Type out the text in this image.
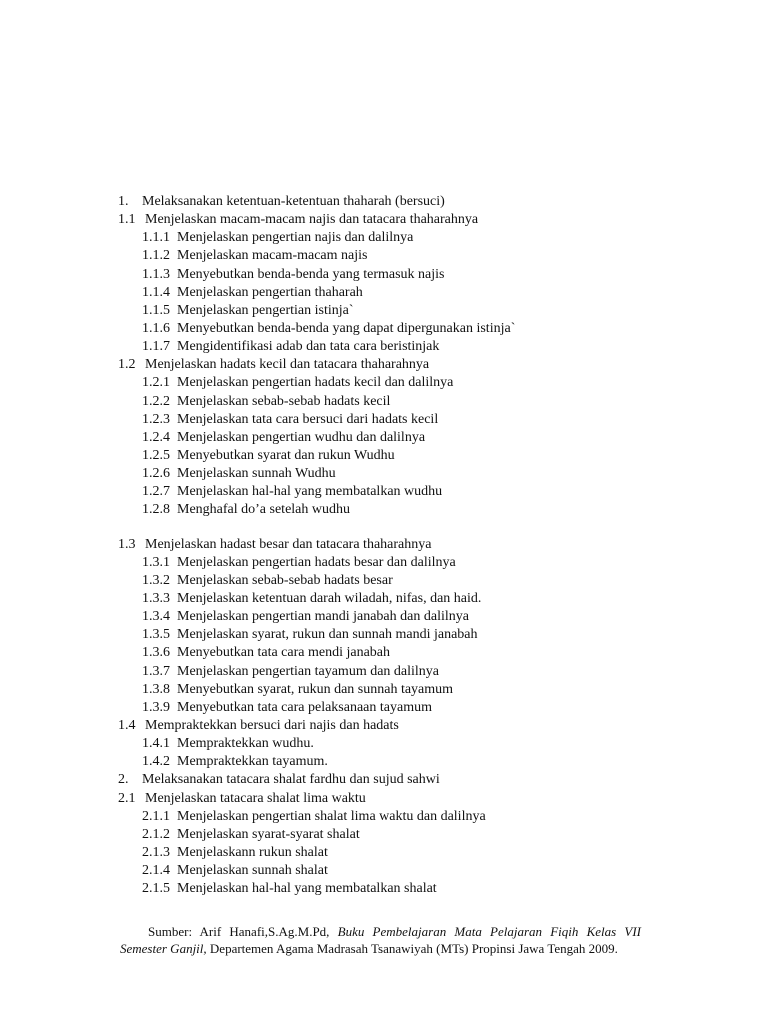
1. Melaksanakan ketentuan-ketentuan thaharah (bersuci)
1.1 Menjelaskan macam-macam najis dan tatacara thaharahnya
1.1.1 Menjelaskan pengertian najis dan dalilnya
1.1.2 Menjelaskan macam-macam najis
1.1.3 Menyebutkan benda-benda yang termasuk najis
1.1.4 Menjelaskan pengertian thaharah
1.1.5 Menjelaskan pengertian istinja`
1.1.6 Menyebutkan benda-benda yang dapat dipergunakan istinja`
1.1.7 Mengidentifikasi adab dan tata cara beristinjak
1.2 Menjelaskan hadats kecil dan tatacara thaharahnya
1.2.1 Menjelaskan pengertian hadats kecil dan dalilnya
1.2.2 Menjelaskan sebab-sebab hadats kecil
1.2.3 Menjelaskan tata cara bersuci dari hadats kecil
1.2.4 Menjelaskan pengertian wudhu dan dalilnya
1.2.5 Menyebutkan syarat dan rukun Wudhu
1.2.6 Menjelaskan sunnah Wudhu
1.2.7 Menjelaskan hal-hal yang membatalkan wudhu
1.2.8 Menghafal do’a setelah wudhu
1.3 Menjelaskan hadast besar dan tatacara thaharahnya
1.3.1 Menjelaskan pengertian hadats besar dan dalilnya
1.3.2 Menjelaskan sebab-sebab hadats besar
1.3.3 Menjelaskan ketentuan darah wiladah, nifas, dan haid.
1.3.4 Menjelaskan pengertian mandi janabah dan dalilnya
1.3.5 Menjelaskan syarat, rukun dan sunnah mandi janabah
1.3.6 Menyebutkan tata cara mendi janabah
1.3.7 Menjelaskan pengertian tayamum dan dalilnya
1.3.8 Menyebutkan syarat, rukun dan sunnah tayamum
1.3.9 Menyebutkan tata cara pelaksanaan tayamum
1.4 Mempraktekkan bersuci dari najis dan hadats
1.4.1 Mempraktekkan wudhu.
1.4.2 Mempraktekkan tayamum.
2. Melaksanakan tatacara shalat fardhu dan sujud sahwi
2.1 Menjelaskan tatacara shalat lima waktu
2.1.1 Menjelaskan pengertian shalat lima waktu dan dalilnya
2.1.2 Menjelaskan syarat-syarat shalat
2.1.3 Menjelaskann rukun shalat
2.1.4 Menjelaskan sunnah shalat
2.1.5 Menjelaskan hal-hal yang membatalkan shalat
Sumber: Arif Hanafi,S.Ag.M.Pd, Buku Pembelajaran Mata Pelajaran Fiqih Kelas VII Semester Ganjil, Departemen Agama Madrasah Tsanawiyah (MTs) Propinsi Jawa Tengah 2009.
